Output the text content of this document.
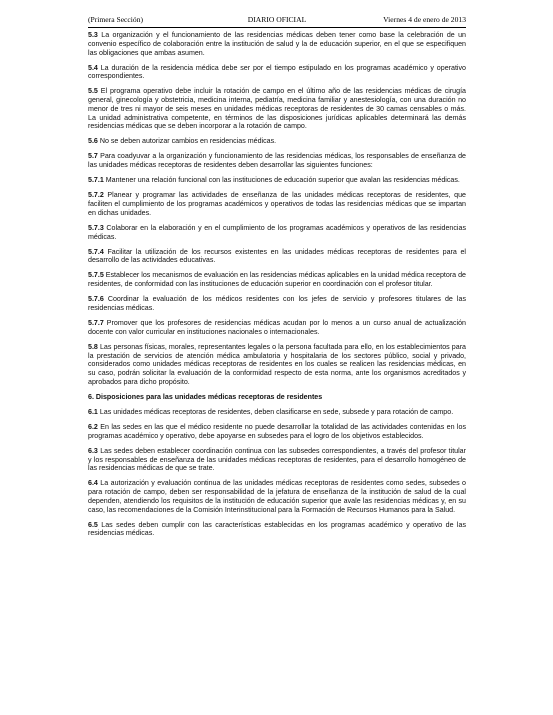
(Primera Sección)	DIARIO OFICIAL	Viernes 4 de enero de 2013

5.3 La organización y el funcionamiento de las residencias médicas deben tener como base la celebración de un convenio específico de colaboración entre la institución de salud y la de educación superior, en el que se especifiquen las obligaciones que ambas asumen.

5.4 La duración de la residencia médica debe ser por el tiempo estipulado en los programas académico y operativo correspondientes.

5.5 El programa operativo debe incluir la rotación de campo en el último año de las residencias médicas de cirugía general, ginecología y obstetricia, medicina interna, pediatría, medicina familiar y anestesiología, con una duración no menor de tres ni mayor de seis meses en unidades médicas receptoras de residentes de 30 camas censables o más. La unidad administrativa competente, en términos de las disposiciones jurídicas aplicables determinará las demás residencias médicas que se deben incorporar a la rotación de campo.

5.6 No se deben autorizar cambios en residencias médicas.

5.7 Para coadyuvar a la organización y funcionamiento de las residencias médicas, los responsables de enseñanza de las unidades médicas receptoras de residentes deben desarrollar las siguientes funciones:

5.7.1 Mantener una relación funcional con las instituciones de educación superior que avalan las residencias médicas.

5.7.2 Planear y programar las actividades de enseñanza de las unidades médicas receptoras de residentes, que faciliten el cumplimiento de los programas académicos y operativos de todas las residencias médicas que se impartan en dichas unidades.

5.7.3 Colaborar en la elaboración y en el cumplimiento de los programas académicos y operativos de las residencias médicas.

5.7.4 Facilitar la utilización de los recursos existentes en las unidades médicas receptoras de residentes para el desarrollo de las actividades educativas.

5.7.5 Establecer los mecanismos de evaluación en las residencias médicas aplicables en la unidad médica receptora de residentes, de conformidad con las instituciones de educación superior en coordinación con el profesor titular.

5.7.6 Coordinar la evaluación de los médicos residentes con los jefes de servicio y profesores titulares de las residencias médicas.

5.7.7 Promover que los profesores de residencias médicas acudan por lo menos a un curso anual de actualización docente con valor curricular en instituciones nacionales o internacionales.

5.8 Las personas físicas, morales, representantes legales o la persona facultada para ello, en los establecimientos para la prestación de servicios de atención médica ambulatoria y hospitalaria de los sectores público, social y privado, considerados como unidades médicas receptoras de residentes en los cuales se realicen las residencias médicas, en su caso, podrán solicitar la evaluación de la conformidad respecto de esta norma, ante los organismos acreditados y aprobados para dicho propósito.

6. Disposiciones para las unidades médicas receptoras de residentes

6.1 Las unidades médicas receptoras de residentes, deben clasificarse en sede, subsede y para rotación de campo.

6.2 En las sedes en las que el médico residente no puede desarrollar la totalidad de las actividades contenidas en los programas académico y operativo, debe apoyarse en subsedes para el logro de los objetivos establecidos.

6.3 Las sedes deben establecer coordinación continua con las subsedes correspondientes, a través del profesor titular y los responsables de enseñanza de las unidades médicas receptoras de residentes, para el desarrollo homogéneo de las residencias médicas de que se trate.

6.4 La autorización y evaluación continua de las unidades médicas receptoras de residentes como sedes, subsedes o para rotación de campo, deben ser responsabilidad de la jefatura de enseñanza de la institución de salud de la cual dependen, atendiendo los requisitos de la institución de educación superior que avale las residencias médicas y, en su caso, las recomendaciones de la Comisión Interinstitucional para la Formación de Recursos Humanos para la Salud.

6.5 Las sedes deben cumplir con las características establecidas en los programas académico y operativo de las residencias médicas.
